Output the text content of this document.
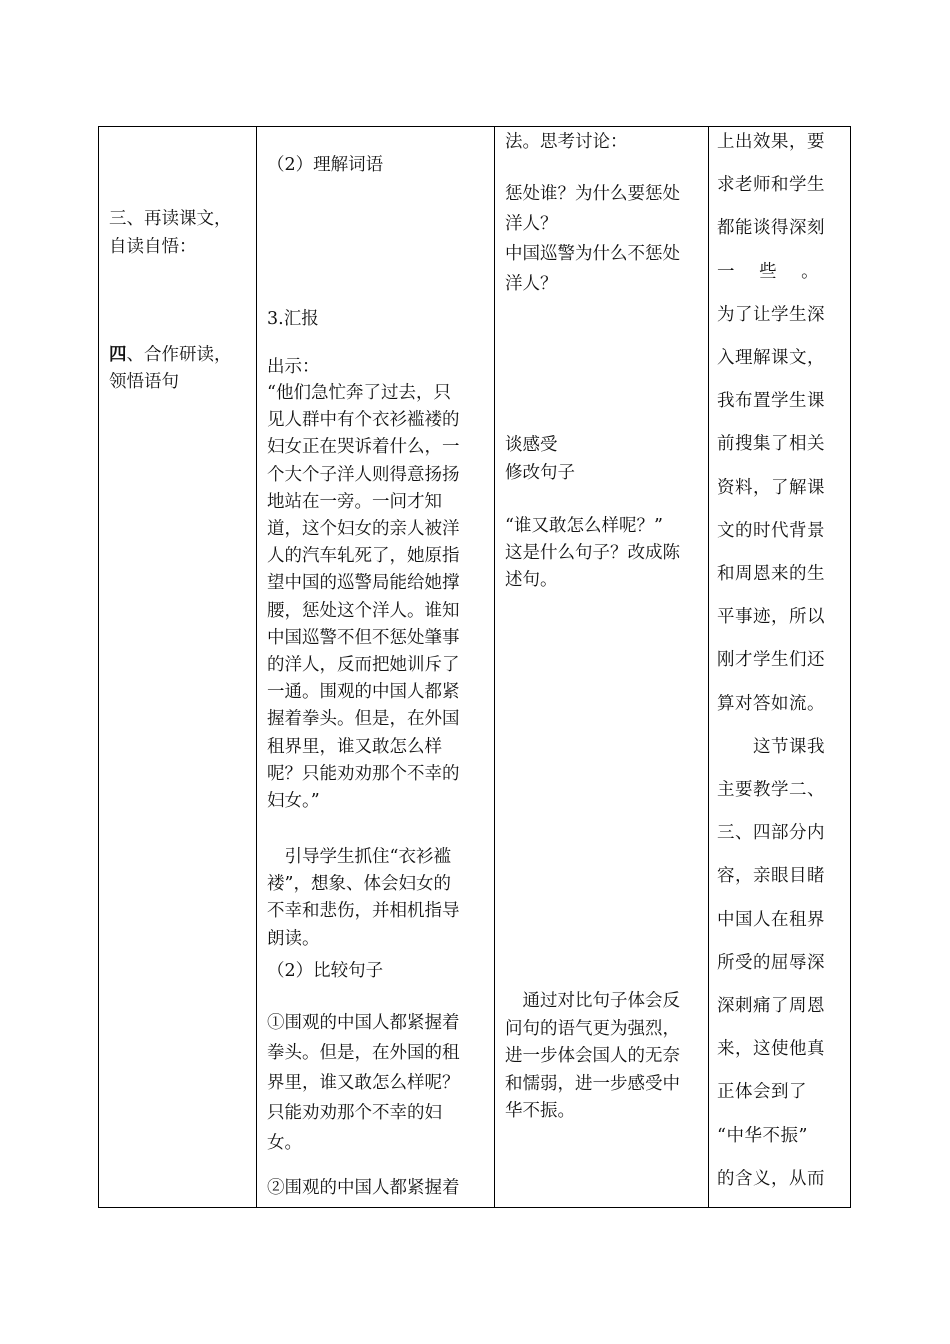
三、再读课文，
自读自悟：
四、合作研读，
领悟语句
（2）理解词语
3.汇报
出示：
“他们急忙奔了过去，只
见人群中有个衣衫褴褛的
妇女正在哭诉着什么，一
个大个子洋人则得意扬扬
地站在一旁。一问才知
道，这个妇女的亲人被洋
人的汽车轧死了，她原指
望中国的巡警局能给她撑
腰，惩处这个洋人。谁知
中国巡警不但不惩处肇事
的洋人，反而把她训斥了
一通。围观的中国人都紧
握着拳头。但是，在外国
租界里，谁又敢怎么样
呢？只能劝劝那个不幸的
妇女。”
　引导学生抓住“衣衫褴
褛”，想象、体会妇女的
不幸和悲伤，并相机指导
朗读。
（2）比较句子
①围观的中国人都紧握着
拳头。但是，在外国的租
界里，谁又敢怎么样呢？
只能劝劝那个不幸的妇
女。
②围观的中国人都紧握着
法。思考讨论：
惩处谁？为什么要惩处
洋人？
中国巡警为什么不惩处
洋人？
谈感受
修改句子
“谁又敢怎么样呢？”
这是什么句子？改成陈
述句。
　通过对比句子体会反
问句的语气更为强烈，
进一步体会国人的无奈
和懦弱，进一步感受中
华不振。
上出效果，要
求老师和学生
都能谈得深刻
一　 些　 。
为了让学生深
入理解课文，
我布置学生课
前搜集了相关
资料，了解课
文的时代背景
和周恩来的生
平事迹，所以
刚才学生们还
算对答如流。
　　这节课我
主要教学二、
三、四部分内
容，亲眼目睹
中国人在租界
所受的屈辱深
深刺痛了周恩
来，这使他真
正体会到了
“中华不振”
的含义，从而
